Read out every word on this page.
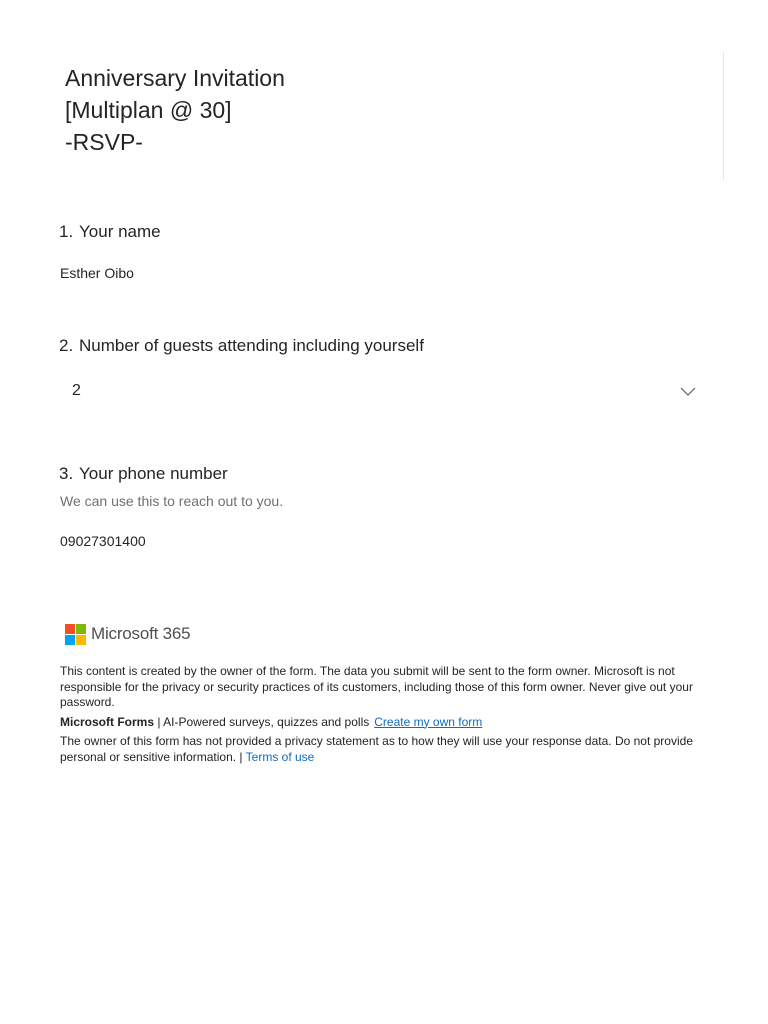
Anniversary Invitation
[Multiplan @ 30]
-RSVP-
1. Your name
Esther Oibo
2. Number of guests attending including yourself
2
3. Your phone number
We can use this to reach out to you.
09027301400
Microsoft 365

This content is created by the owner of the form. The data you submit will be sent to the form owner. Microsoft is not responsible for the privacy or security practices of its customers, including those of this form owner. Never give out your password.

Microsoft Forms | AI-Powered surveys, quizzes and polls Create my own form

The owner of this form has not provided a privacy statement as to how they will use your response data. Do not provide personal or sensitive information. | Terms of use
